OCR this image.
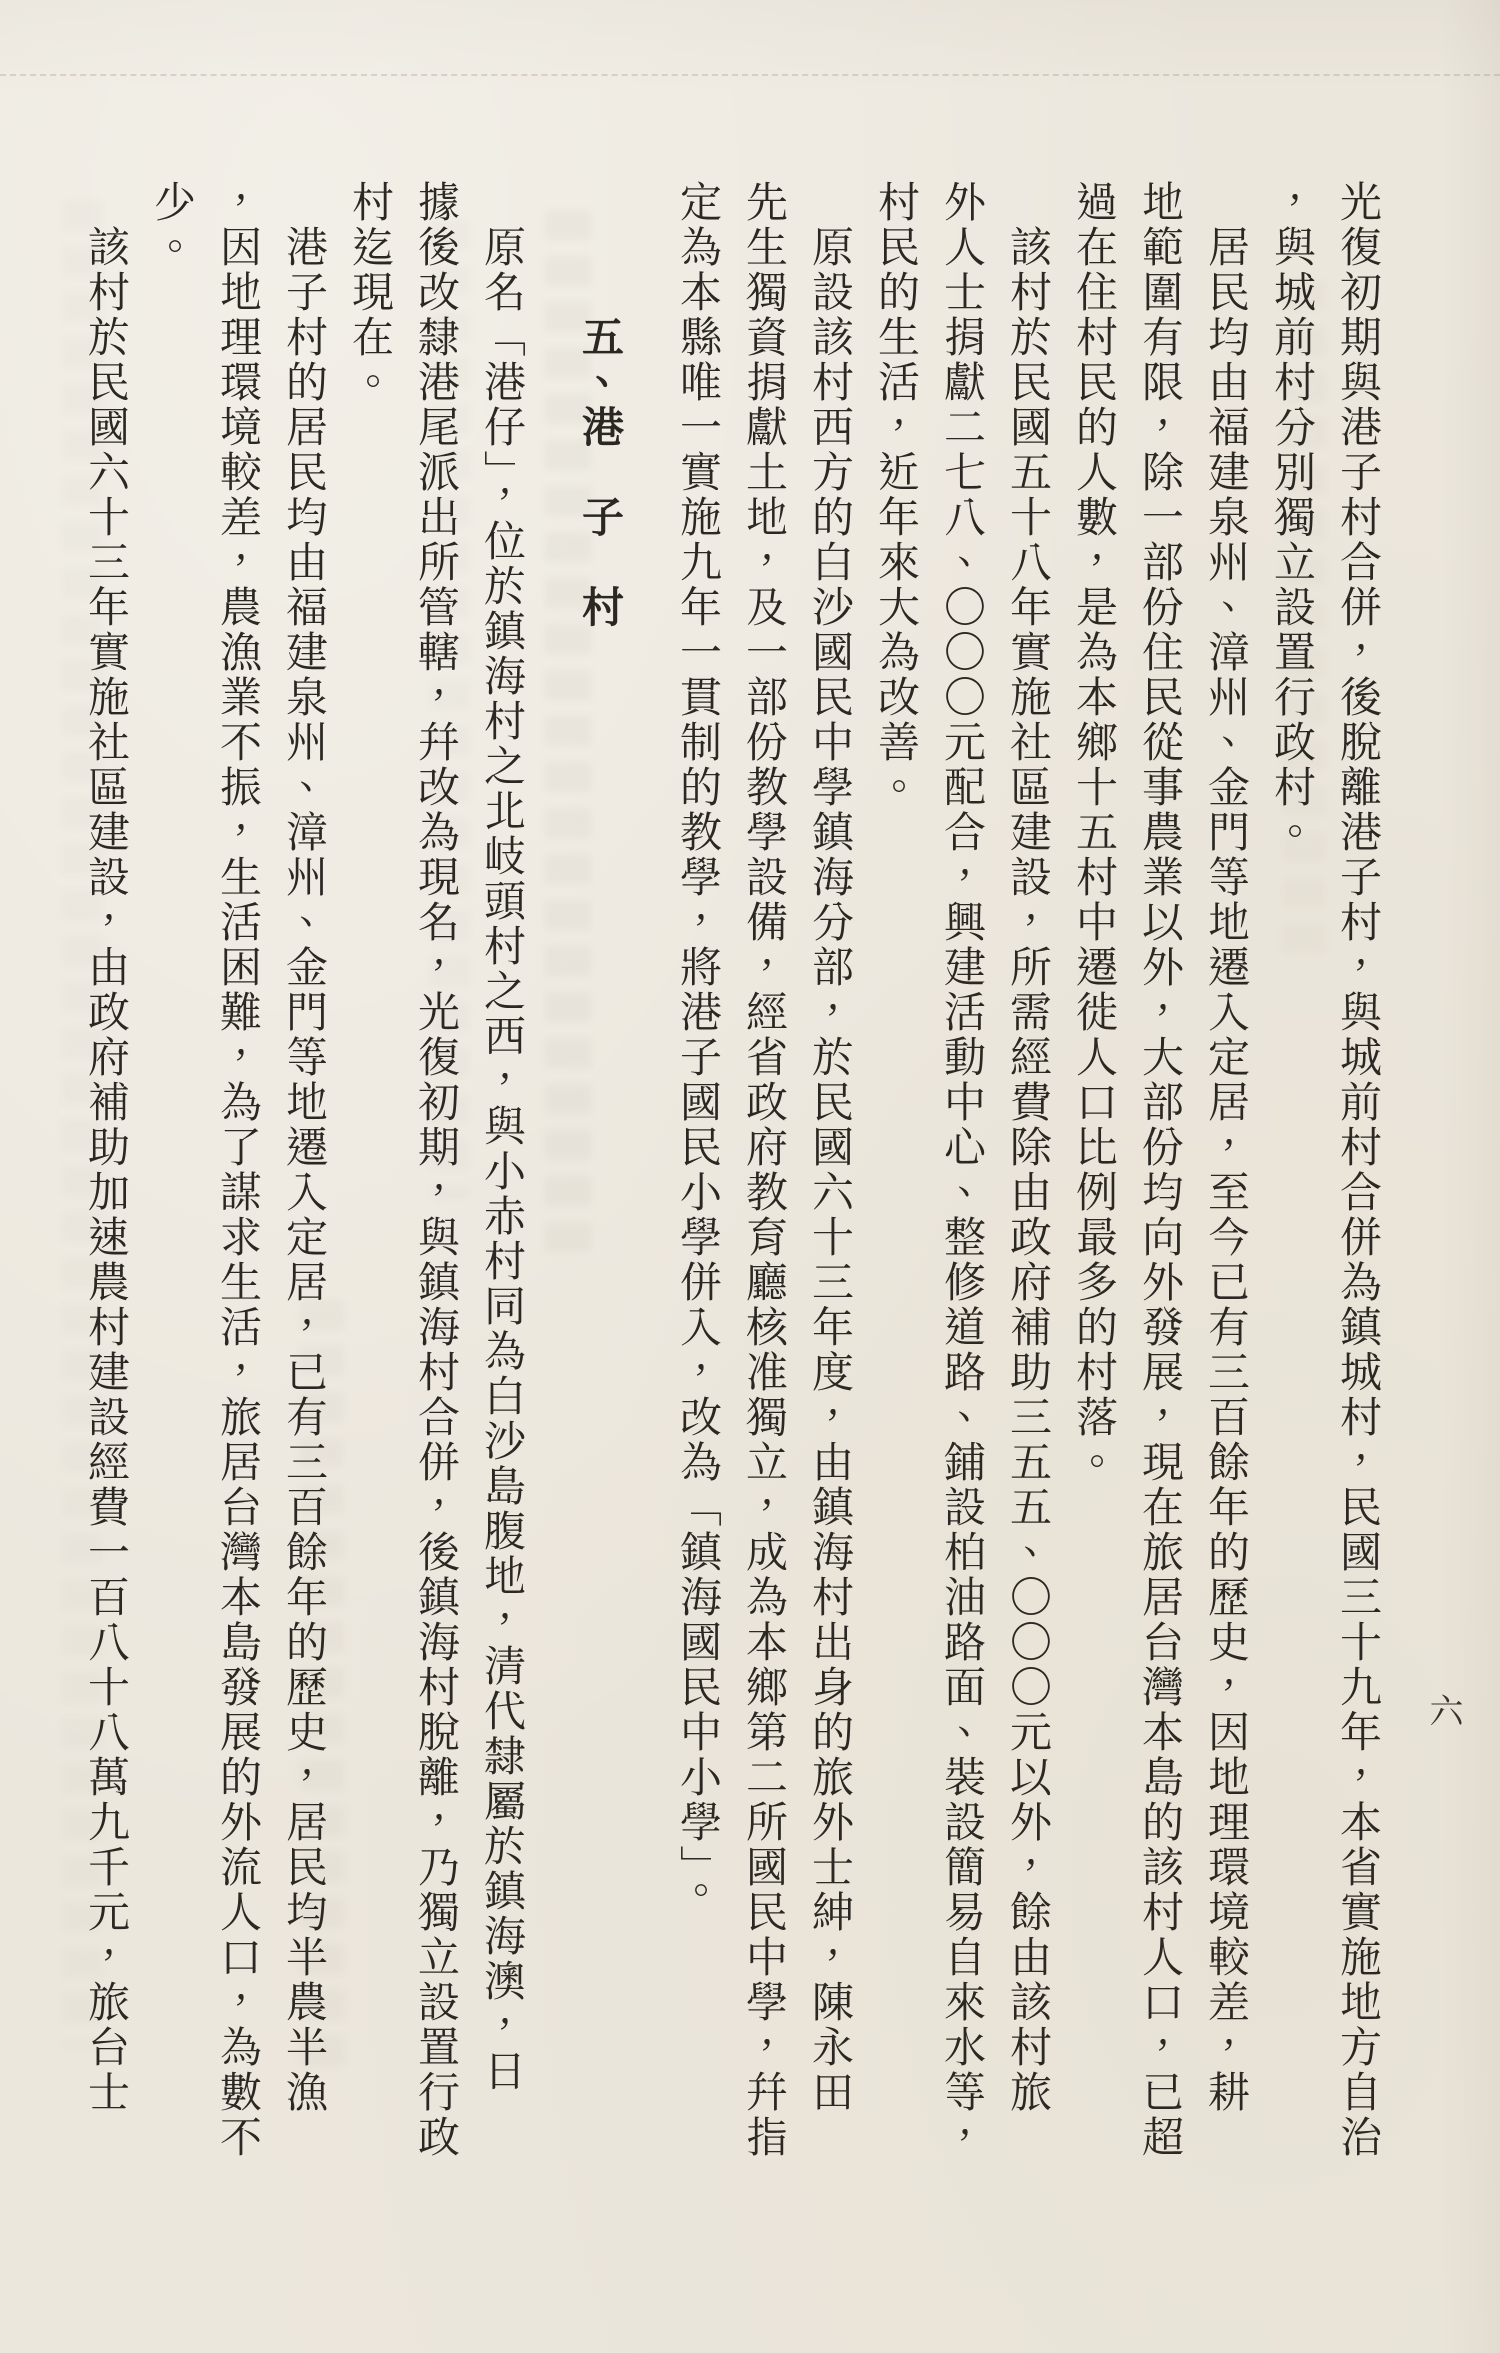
光復初期與港子村合併，後脫離港子村，與城前村合併為鎮城村，民國三十九年，本省實施地方自治
，與城前村分別獨立設置行政村。
居民均由福建泉州、漳州、金門等地遷入定居，至今已有三百餘年的歷史，因地理環境較差，耕
地範圍有限，除一部份住民從事農業以外，大部份均向外發展，現在旅居台灣本島的該村人口，已超
過在住村民的人數，是為本鄉十五村中遷徙人口比例最多的村落。
該村於民國五十八年實施社區建設，所需經費除由政府補助三五五、〇〇〇元以外，餘由該村旅
外人士捐獻二七八、〇〇〇元配合，興建活動中心、整修道路、鋪設柏油路面、裝設簡易自來水等，
村民的生活，近年來大為改善。
原設該村西方的白沙國民中學鎮海分部，於民國六十三年度，由鎮海村出身的旅外士紳，陳永田
先生獨資捐獻土地，及一部份教學設備，經省政府教育廳核准獨立，成為本鄉第二所國民中學，幷指
定為本縣唯一實施九年一貫制的教學，將港子國民小學併入，改為「鎮海國民中小學」。
五、港　子　村
原名「港仔」，位於鎮海村之北岐頭村之西，與小赤村同為白沙島腹地，清代隸屬於鎮海澳，日
據後改隸港尾派出所管轄，幷改為現名，光復初期，與鎮海村合併，後鎮海村脫離，乃獨立設置行政
村迄現在。
港子村的居民均由福建泉州、漳州、金門等地遷入定居，已有三百餘年的歷史，居民均半農半漁
，因地理環境較差，農漁業不振，生活困難，為了謀求生活，旅居台灣本島發展的外流人口，為數不
少。
該村於民國六十三年實施社區建設，由政府補助加速農村建設經費一百八十八萬九千元，旅台士	六
